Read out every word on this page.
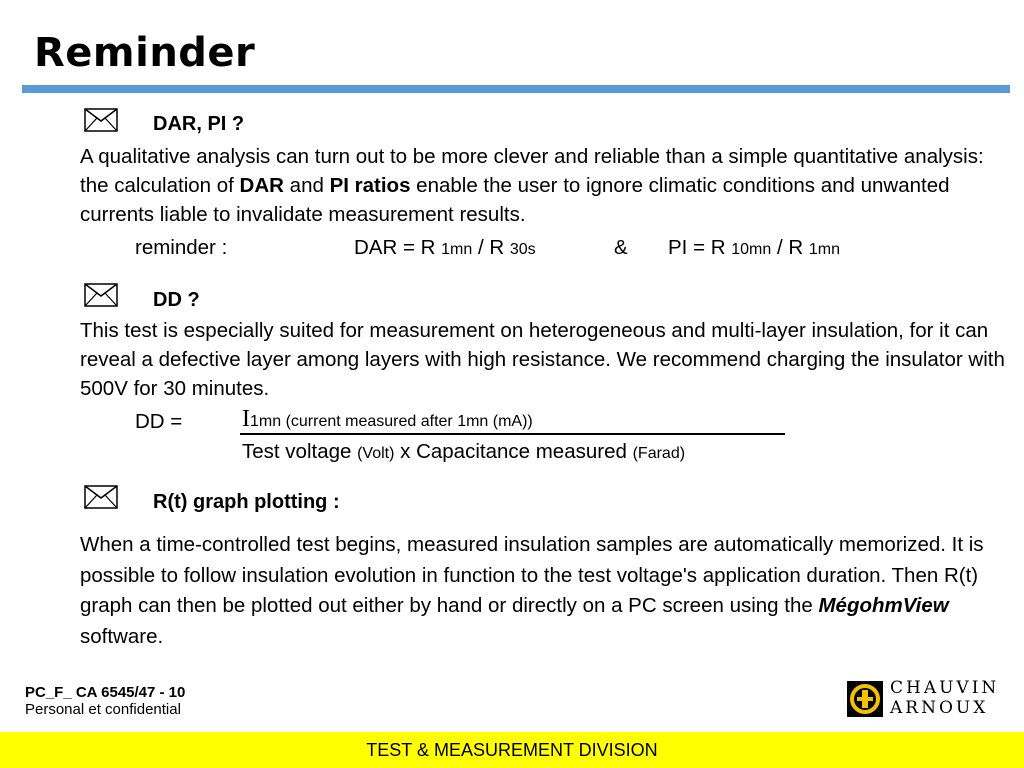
Reminder
DAR, PI ?
A qualitative analysis can turn out to be more clever and reliable than a simple quantitative analysis: the calculation of DAR and PI ratios enable the user to ignore climatic conditions and unwanted currents liable to invalidate measurement results.
reminder :	DAR = R 1mn / R 30s	& PI = R 10mn / R 1mn
DD ?
This test is especially suited for measurement on heterogeneous and multi-layer insulation, for it can reveal a defective layer among layers with high resistance. We recommend charging the insulator with 500V for 30 minutes.
DD = I1mn (current measured after 1mn (mA))
Test voltage (Volt) x Capacitance measured (Farad)
R(t) graph plotting :
When a time-controlled test begins, measured insulation samples are automatically memorized. It is possible to follow insulation evolution in function to the test voltage's application duration. Then R(t) graph can then be plotted out either by hand or directly on a PC screen using the MégohmView software.
PC_F_ CA 6545/47 - 10
Personal et confidential
CHAUVIN
ARNOUX
TEST & MEASUREMENT DIVISION
